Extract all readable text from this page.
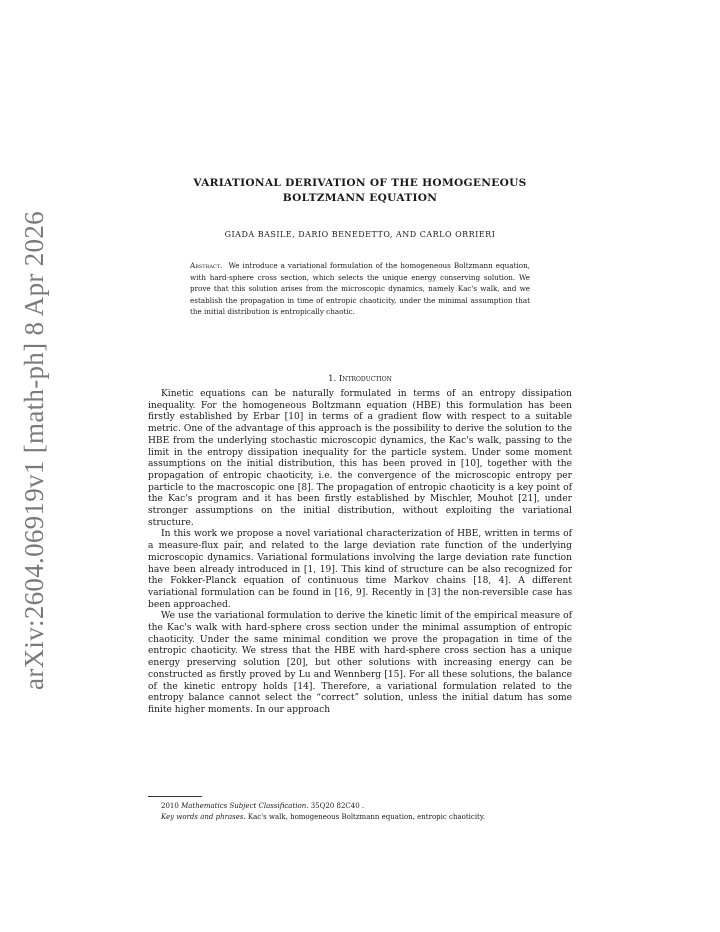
arXiv:2604.06919v1 [math-ph] 8 Apr 2026
VARIATIONAL DERIVATION OF THE HOMOGENEOUS
BOLTZMANN EQUATION
GIADA BASILE, DARIO BENEDETTO, AND CARLO ORRIERI

Abstract. We introduce a variational formulation of the homogeneous Boltzmann equation, with hard-sphere cross section, which selects the unique energy conserving solution. We prove that this solution arises from the microscopic dynamics, namely Kac's walk, and we establish the propagation in time of entropic chaoticity, under the minimal assumption that the initial distribution is entropically chaotic.

1. Introduction

Kinetic equations can be naturally formulated in terms of an entropy dissipation inequality. For the homogeneous Boltzmann equation (HBE) this formulation has been firstly established by Erbar [10] in terms of a gradient flow with respect to a suitable metric. One of the advantage of this approach is the possibility to derive the solution to the HBE from the underlying stochastic microscopic dynamics, the Kac's walk, passing to the limit in the entropy dissipation inequality for the particle system. Under some moment assumptions on the initial distribution, this has been proved in [10], together with the propagation of entropic chaoticity, i.e. the convergence of the microscopic entropy per particle to the macroscopic one [8]. The propagation of entropic chaoticity is a key point of the Kac's program and it has been firstly established by Mischler, Mouhot [21], under stronger assumptions on the initial distribution, without exploiting the variational structure.

In this work we propose a novel variational characterization of HBE, written in terms of a measure-flux pair, and related to the large deviation rate function of the underlying microscopic dynamics. Variational formulations involving the large deviation rate function have been already introduced in [1, 19]. This kind of structure can be also recognized for the Fokker-Planck equation of continuous time Markov chains [18, 4]. A different variational formulation can be found in [16, 9]. Recently in [3] the non-reversible case has been approached.

We use the variational formulation to derive the kinetic limit of the empirical measure of the Kac's walk with hard-sphere cross section under the minimal assumption of entropic chaoticity. Under the same minimal condition we prove the propagation in time of the entropic chaoticity. We stress that the HBE with hard-sphere cross section has a unique energy preserving solution [20], but other solutions with increasing energy can be constructed as firstly proved by Lu and Wennberg [15]. For all these solutions, the balance of the kinetic entropy holds [14]. Therefore, a variational formulation related to the entropy balance cannot select the “correct” solution, unless the initial datum has some finite higher moments. In our approach

2010 Mathematics Subject Classification. 35Q20 82C40 .
Key words and phrases. Kac's walk, homogeneous Boltzmann equation, entropic chaoticity.
